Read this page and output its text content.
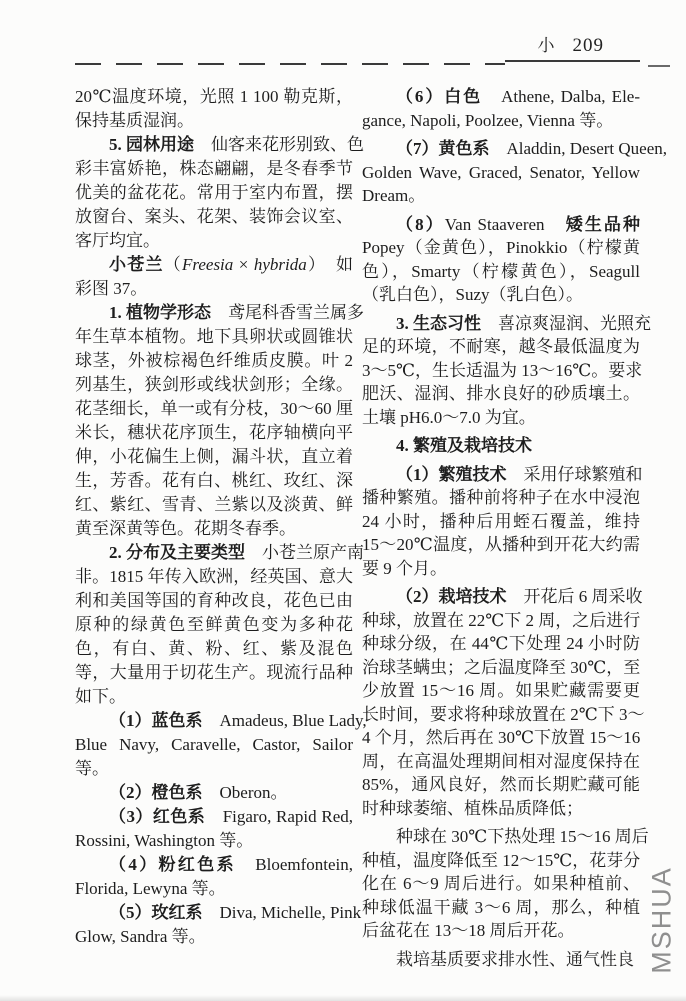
小 209
20℃温度环境，光照 1 100 勒克斯，
保持基质湿润。
5. 园林用途　仙客来花形别致、色
彩丰富娇艳，株态翩翩，是冬春季节
优美的盆花花。常用于室内布置，摆
放窗台、案头、花架、装饰会议室、
客厅均宜。
小苍兰（Freesia × hybrida）　如
彩图 37。
1. 植物学形态　鸢尾科香雪兰属多
年生草本植物。地下具卵状或圆锥状
球茎，外被棕褐色纤维质皮膜。叶 2
列基生，狭剑形或线状剑形；全缘。
花茎细长，单一或有分枝，30～60 厘
米长，穗状花序顶生，花序轴横向平
伸，小花偏生上侧，漏斗状，直立着
生，芳香。花有白、桃红、玫红、深
红、紫红、雪青、兰紫以及淡黄、鲜
黄至深黄等色。花期冬春季。
2. 分布及主要类型　小苍兰原产南
非。1815 年传入欧洲，经英国、意大
利和美国等国的育种改良，花色已由
原种的绿黄色至鲜黄色变为多种花
色，有白、黄、粉、红、紫及混色
等，大量用于切花生产。现流行品种
如下。
（1）蓝色系　Amadeus, Blue Lady,
Blue Navy, Caravelle, Castor, Sailor
等。
（2）橙色系　Oberon。
（3）红色系　Figaro, Rapid Red,
Rossini, Washington 等。
（4）粉红色系　Bloemfontein,
Florida, Lewyna 等。
（5）玫红系　Diva, Michelle, Pink
Glow, Sandra 等。
（6）白色　Athene, Dalba, Ele-
gance, Napoli, Poolzee, Vienna 等。
（7）黄色系　Aladdin, Desert Queen,
Golden Wave, Graced, Senator, Yellow
Dream。
（8）Van Staaveren　矮生品种
Popey（金黄色），Pinokkio（柠檬黄
色），Smarty（柠檬黄色），Seagull
（乳白色），Suzy（乳白色）。
3. 生态习性　喜凉爽湿润、光照充
足的环境，不耐寒，越冬最低温度为
3～5℃，生长适温为 13～16℃。要求
肥沃、湿润、排水良好的砂质壤土。
土壤 pH6.0～7.0 为宜。
4. 繁殖及栽培技术
（1）繁殖技术　采用仔球繁殖和
播种繁殖。播种前将种子在水中浸泡
24 小时，播种后用蛭石覆盖，维持
15～20℃温度，从播种到开花大约需
要 9 个月。
（2）栽培技术　开花后 6 周采收
种球，放置在 22℃下 2 周，之后进行
种球分级，在 44℃下处理 24 小时防
治球茎螨虫；之后温度降至 30℃，至
少放置 15～16 周。如果贮藏需要更
长时间，要求将种球放置在 2℃下 3～
4 个月，然后再在 30℃下放置 15～16
周，在高温处理期间相对湿度保持在
85%，通风良好，然而长期贮藏可能
时种球萎缩、植株品质降低；
种球在 30℃下热处理 15～16 周后
种植，温度降低至 12～15℃，花芽分
化在 6～9 周后进行。如果种植前、
种球低温干藏 3～6 周，那么，种植
后盆花在 13～18 周后开花。
栽培基质要求排水性、通气性良 MSHUA
